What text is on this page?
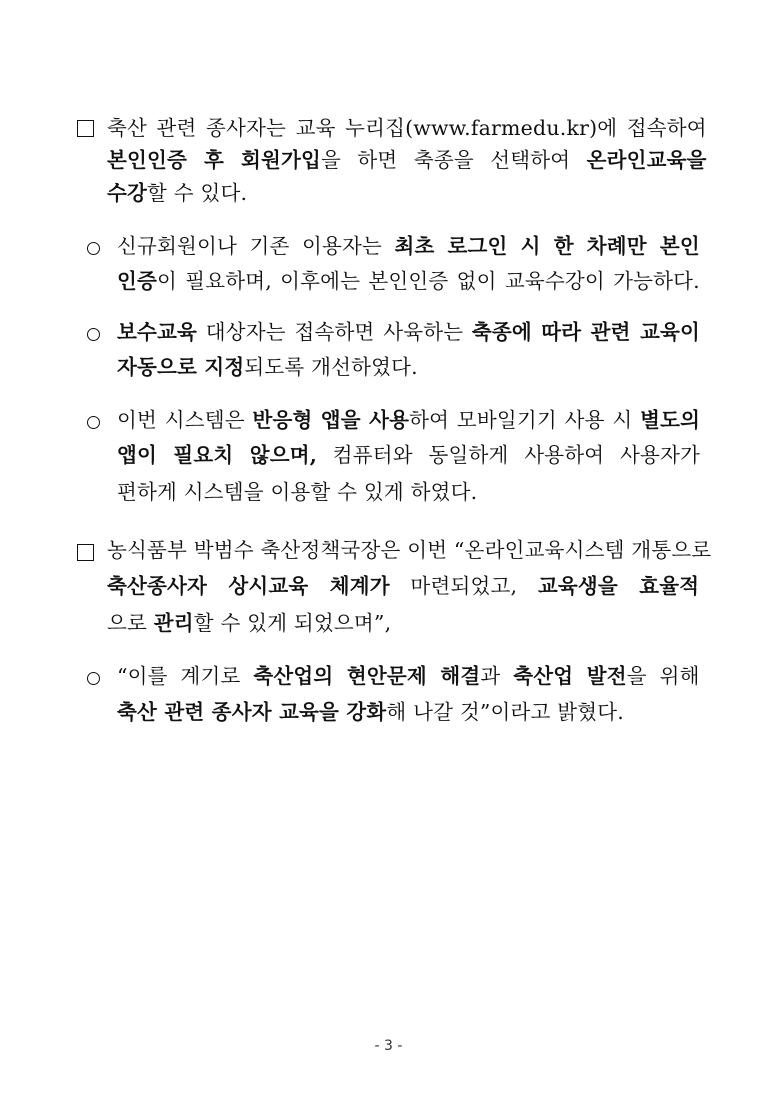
축산 관련 종사자는 교육 누리집(www.farmedu.kr)에 접속하여
본인인증 후 회원가입을 하면 축종을 선택하여 온라인교육을
수강할 수 있다.
신규회원이나 기존 이용자는 최초 로그인 시 한 차례만 본인
인증이 필요하며, 이후에는 본인인증 없이 교육수강이 가능하다.
보수교육 대상자는 접속하면 사육하는 축종에 따라 관련 교육이
자동으로 지정되도록 개선하였다.
이번 시스템은 반응형 앱을 사용하여 모바일기기 사용 시 별도의
앱이 필요치 않으며, 컴퓨터와 동일하게 사용하여 사용자가
편하게 시스템을 이용할 수 있게 하였다.
농식품부 박범수 축산정책국장은 이번 “온라인교육시스템 개통으로
축산종사자 상시교육 체계가 마련되었고, 교육생을 효율적
으로 관리할 수 있게 되었으며”,
“이를 계기로 축산업의 현안문제 해결과 축산업 발전을 위해
축산 관련 종사자 교육을 강화해 나갈 것”이라고 밝혔다.
- 3 -
